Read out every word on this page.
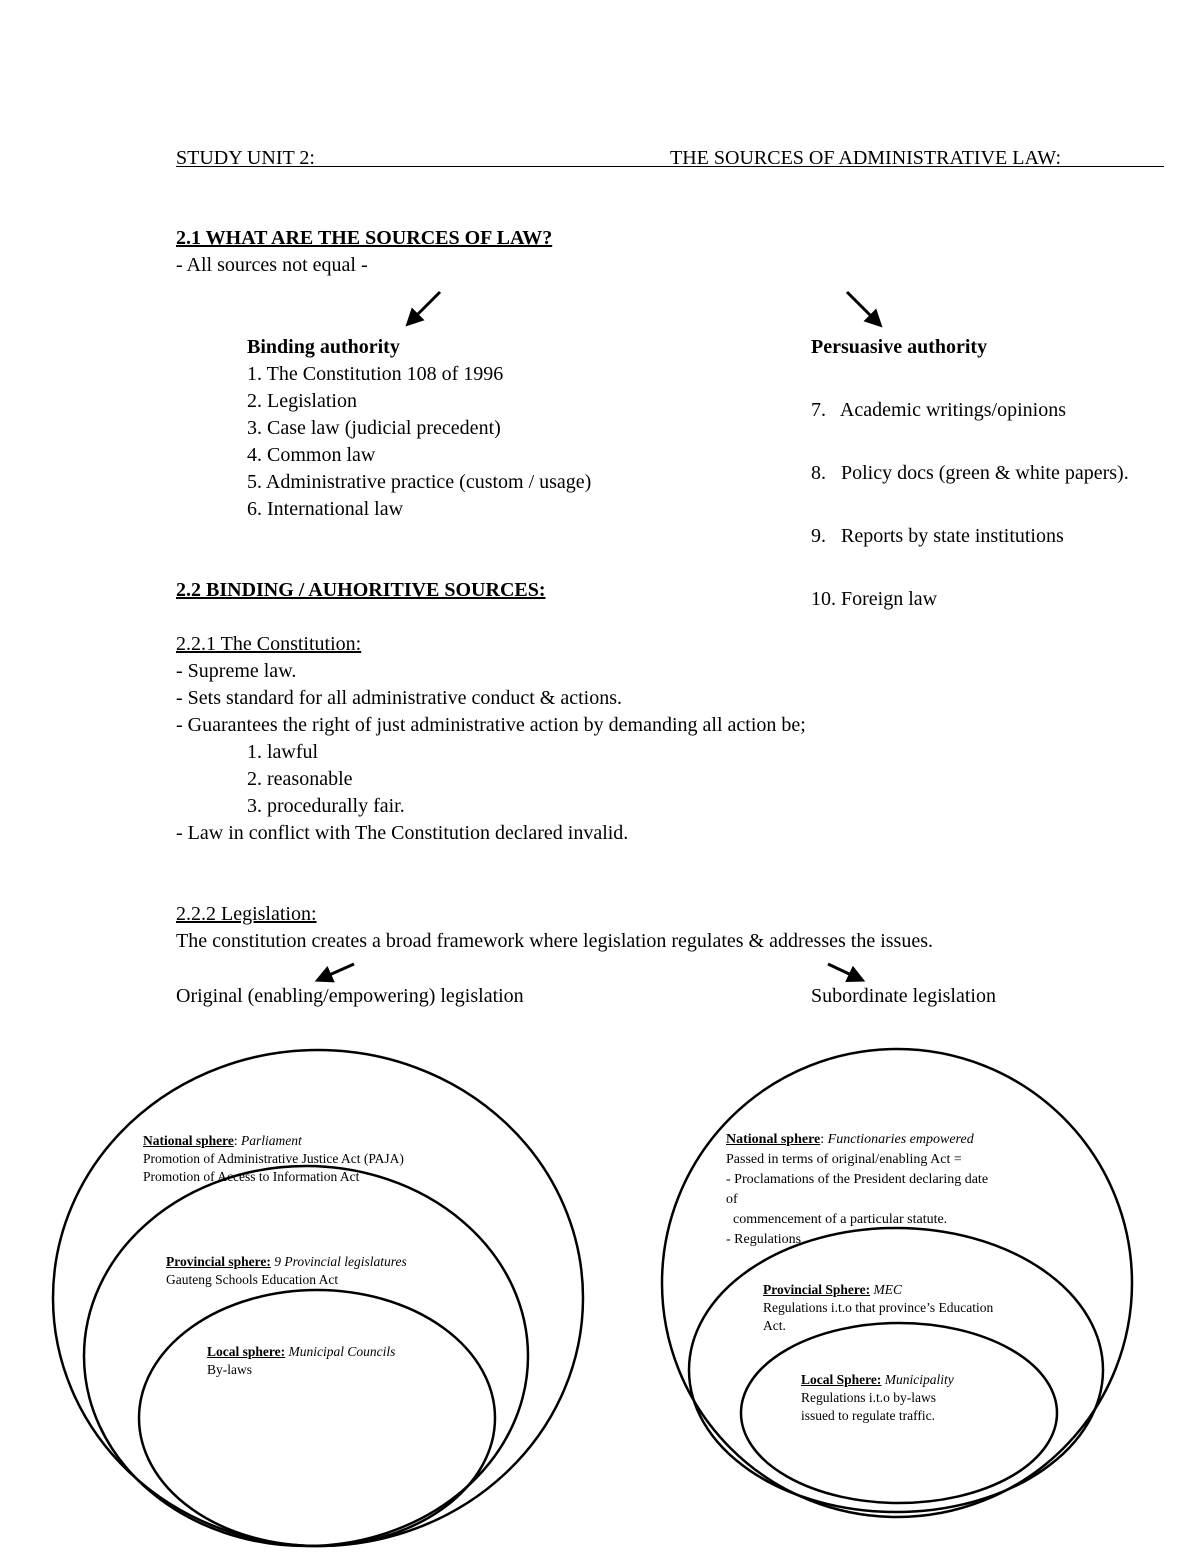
STUDY UNIT 2:	THE SOURCES OF ADMINISTRATIVE LAW:
2.1 WHAT ARE THE SOURCES OF LAW?
- All sources not equal -
Binding authority
1. The Constitution 108 of 1996
2. Legislation
3. Case law (judicial precedent)
4. Common law
5. Administrative practice (custom / usage)
6. International law
Persuasive authority

7.   Academic writings/opinions

8.   Policy docs (green & white papers).

9.   Reports by state institutions

10. Foreign law

2.2 BINDING / AUHORITIVE SOURCES:
2.2.1 The Constitution:
- Supreme law.
- Sets standard for all administrative conduct & actions.
- Guarantees the right of just administrative action by demanding all action be;
1. lawful
2. reasonable
3. procedurally fair.
- Law in conflict with The Constitution declared invalid.
2.2.2 Legislation:
The constitution creates a broad framework where legislation regulates & addresses the issues.
Original (enabling/empowering) legislation	Subordinate legislation
National sphere: Parliament
Promotion of Administrative Justice Act (PAJA)
Promotion of Access to Information Act
Provincial sphere: 9 Provincial legislatures
Gauteng Schools Education Act
Local sphere: Municipal Councils
By-laws
National sphere: Functionaries empowered
Passed in terms of original/enabling Act =
- Proclamations of the President declaring date
of
commencement of a particular statute.
- Regulations
Provincial Sphere: MEC
Regulations i.t.o that province’s Education
Act.
Local Sphere: Municipality
Regulations i.t.o by-laws
issued to regulate traffic.
